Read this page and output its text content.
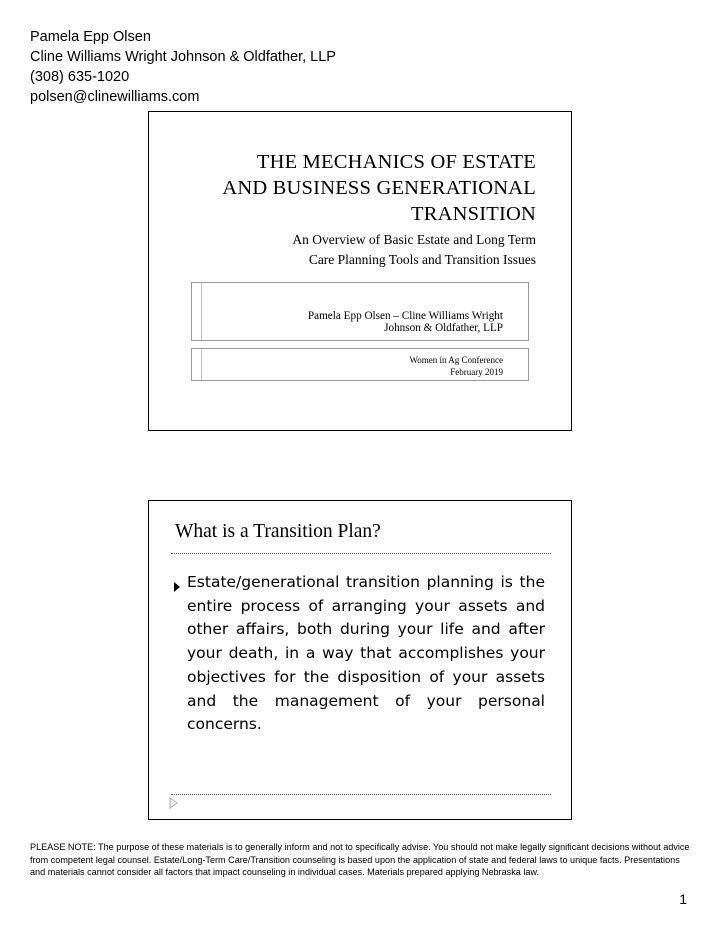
Pamela Epp Olsen
Cline Williams Wright Johnson & Oldfather, LLP
(308) 635-1020
polsen@clinewilliams.com
THE MECHANICS OF ESTATE
AND BUSINESS GENERATIONAL
TRANSITION
An Overview of Basic Estate and Long Term
Care Planning Tools and Transition Issues
Pamela Epp Olsen – Cline Williams Wright
Johnson & Oldfather, LLP
Women in Ag Conference
February 2019
What is a Transition Plan?
Estate/generational transition planning is the entire process of arranging your assets and other affairs, both during your life and after your death, in a way that accomplishes your objectives for the disposition of your assets and the management of your personal concerns.
PLEASE NOTE: The purpose of these materials is to generally inform and not to specifically advise. You should not make legally significant decisions without advice from competent legal counsel. Estate/Long-Term Care/Transition counseling is based upon the application of state and federal laws to unique facts. Presentations and materials cannot consider all factors that impact counseling in individual cases. Materials prepared applying Nebraska law.
1
